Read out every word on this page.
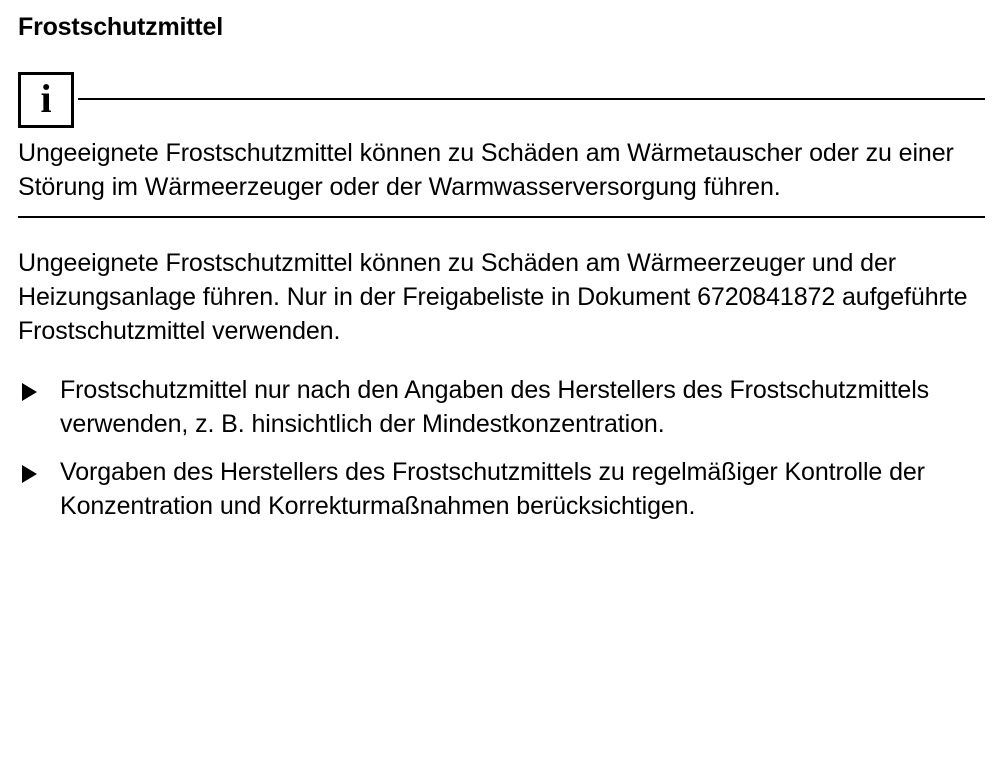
Frostschutzmittel
i
Ungeeignete Frostschutzmittel können zu Schäden am Wärmetauscher oder zu einer Störung im Wärmeerzeuger oder der Warmwasserversorgung führen.

Ungeeignete Frostschutzmittel können zu Schäden am Wärmeerzeuger und der Heizungsanlage führen. Nur in der Freigabeliste in Dokument 6720841872 aufgeführte Frostschutzmittel verwenden.

Frostschutzmittel nur nach den Angaben des Herstellers des Frostschutzmittels verwenden, z. B. hinsichtlich der Mindestkonzentration.
Vorgaben des Herstellers des Frostschutzmittels zu regelmäßiger Kontrolle der Konzentration und Korrekturmaßnahmen berücksichtigen.
